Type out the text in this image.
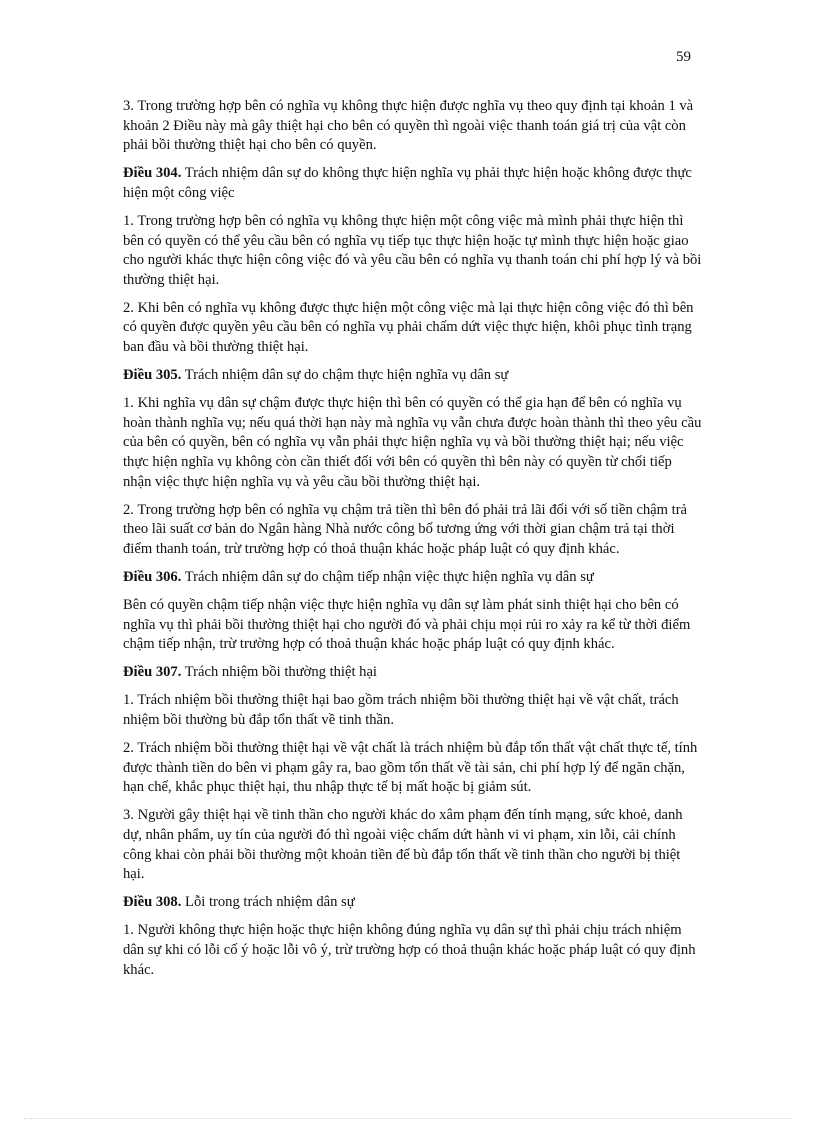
59

3. Trong trường hợp bên có nghĩa vụ không thực hiện được nghĩa vụ theo quy định tại khoản 1 và khoản 2 Điều này mà gây thiệt hại cho bên có quyền thì ngoài việc thanh toán giá trị của vật còn phải bồi thường thiệt hại cho bên có quyền.

Điều 304. Trách nhiệm dân sự do không thực hiện nghĩa vụ phải thực hiện hoặc không được thực hiện một công việc

1. Trong trường hợp bên có nghĩa vụ không thực hiện một công việc mà mình phải thực hiện thì bên có quyền có thể yêu cầu bên có nghĩa vụ tiếp tục thực hiện hoặc tự mình thực hiện hoặc giao cho người khác thực hiện công việc đó và yêu cầu bên có nghĩa vụ thanh toán chi phí hợp lý và bồi thường thiệt hại.

2. Khi bên có nghĩa vụ không được thực hiện một công việc mà lại thực hiện công việc đó thì bên có quyền được quyền yêu cầu bên có nghĩa vụ phải chấm dứt việc thực hiện, khôi phục tình trạng ban đầu và bồi thường thiệt hại.

Điều 305. Trách nhiệm dân sự do chậm thực hiện nghĩa vụ dân sự

1. Khi nghĩa vụ dân sự chậm được thực hiện thì bên có quyền có thể gia hạn để bên có nghĩa vụ hoàn thành nghĩa vụ; nếu quá thời hạn này mà nghĩa vụ vẫn chưa được hoàn thành thì theo yêu cầu của bên có quyền, bên có nghĩa vụ vẫn phải thực hiện nghĩa vụ và bồi thường thiệt hại; nếu việc thực hiện nghĩa vụ không còn cần thiết đối với bên có quyền thì bên này có quyền từ chối tiếp nhận việc thực hiện nghĩa vụ và yêu cầu bồi thường thiệt hại.

2. Trong trường hợp bên có nghĩa vụ chậm trả tiền thì bên đó phải trả lãi đối với số tiền chậm trả theo lãi suất cơ bản do Ngân hàng Nhà nước công bố tương ứng với thời gian chậm trả tại thời điểm thanh toán, trừ trường hợp có thoả thuận khác hoặc pháp luật có quy định khác.

Điều 306. Trách nhiệm dân sự do chậm tiếp nhận việc thực hiện nghĩa vụ dân sự

Bên có quyền chậm tiếp nhận việc thực hiện nghĩa vụ dân sự làm phát sinh thiệt hại cho bên có nghĩa vụ thì phải bồi thường thiệt hại cho người đó và phải chịu mọi rủi ro xảy ra kể từ thời điểm chậm tiếp nhận, trừ trường hợp có thoả thuận khác hoặc pháp luật có quy định khác.

Điều 307. Trách nhiệm bồi thường thiệt hại

1. Trách nhiệm bồi thường thiệt hại bao gồm trách nhiệm bồi thường thiệt hại về vật chất, trách nhiệm bồi thường bù đắp tổn thất về tinh thần.

2. Trách nhiệm bồi thường thiệt hại về vật chất là trách nhiệm bù đắp tổn thất vật chất thực tế, tính được thành tiền do bên vi phạm gây ra, bao gồm tổn thất về tài sản, chi phí hợp lý để ngăn chặn, hạn chế, khắc phục thiệt hại, thu nhập thực tế bị mất hoặc bị giảm sút.

3. Người gây thiệt hại về tinh thần cho người khác do xâm phạm đến tính mạng, sức khoẻ, danh dự, nhân phẩm, uy tín của người đó thì ngoài việc chấm dứt hành vi vi phạm, xin lỗi, cải chính công khai còn phải bồi thường một khoản tiền để bù đắp tổn thất về tinh thần cho người bị thiệt hại.

Điều 308. Lỗi trong trách nhiệm dân sự

1. Người không thực hiện hoặc thực hiện không đúng nghĩa vụ dân sự thì phải chịu trách nhiệm dân sự khi có lỗi cố ý hoặc lỗi vô ý, trừ trường hợp có thoả thuận khác hoặc pháp luật có quy định khác.
